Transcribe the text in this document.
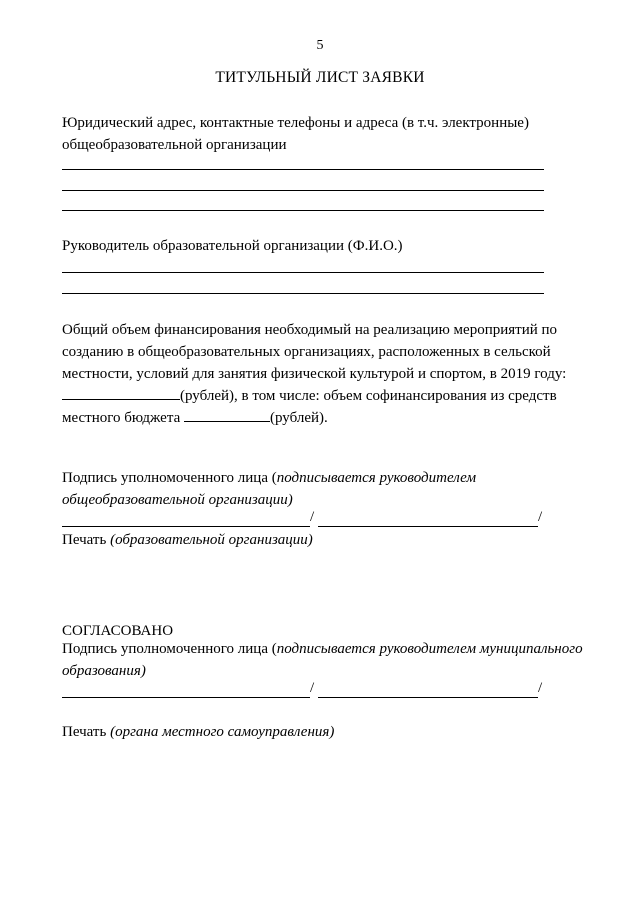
5
ТИТУЛЬНЫЙ ЛИСТ ЗАЯВКИ
Юридический адрес, контактные телефоны и адреса (в т.ч. электронные)
общеобразовательной организации
Руководитель образовательной организации (Ф.И.О.)
Общий объем финансирования необходимый на реализацию мероприятий по
созданию в общеобразовательных организациях, расположенных в сельской
местности, условий для занятия физической культурой и спортом, в 2019 году:
(рублей), в том числе: объем софинансирования из средств
местного бюджета	(рублей).
Подпись уполномоченного лица (подписывается руководителем
общеобразовательной организации)
/	/
Печать (образовательной организации)
СОГЛАСОВАНО
Подпись уполномоченного лица (подписывается руководителем муниципального
образования)
/	/
Печать (органа местного самоуправления)
